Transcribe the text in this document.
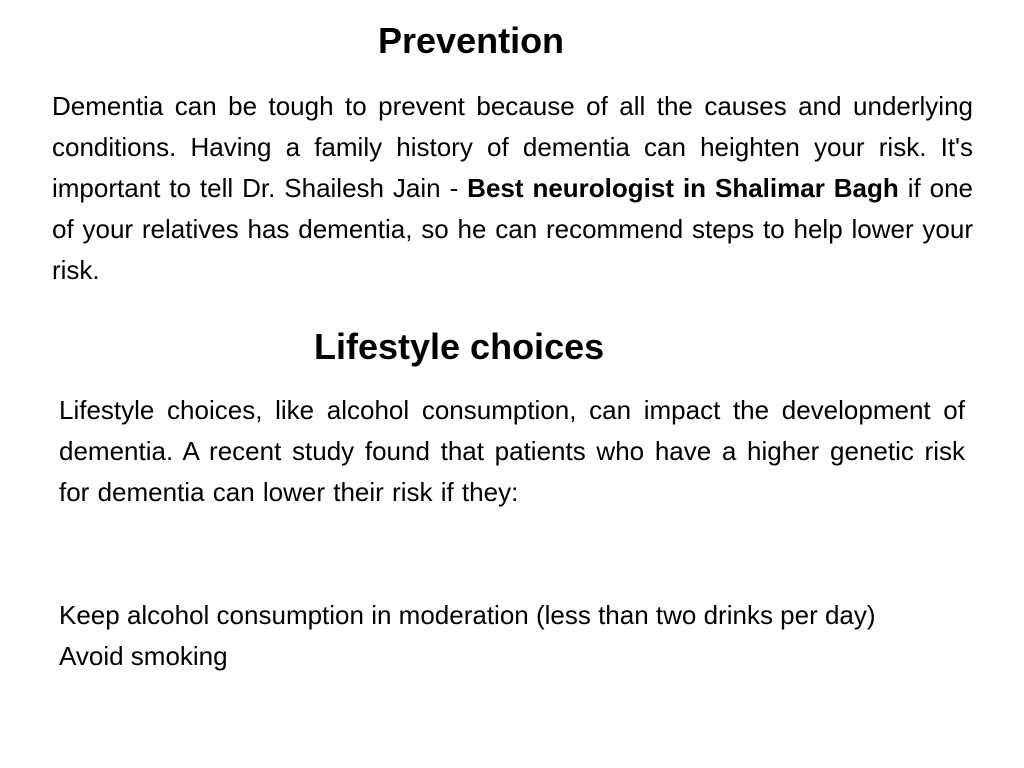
Prevention

Dementia can be tough to prevent because of all the causes and underlying conditions. Having a family history of dementia can heighten your risk. It's important to tell Dr. Shailesh Jain - Best neurologist in Shalimar Bagh if one of your relatives has dementia, so he can recommend steps to help lower your risk.

Lifestyle choices

Lifestyle choices, like alcohol consumption, can impact the development of dementia. A recent study found that patients who have a higher genetic risk for dementia can lower their risk if they:

Keep alcohol consumption in moderation (less than two drinks per day)
Avoid smoking
